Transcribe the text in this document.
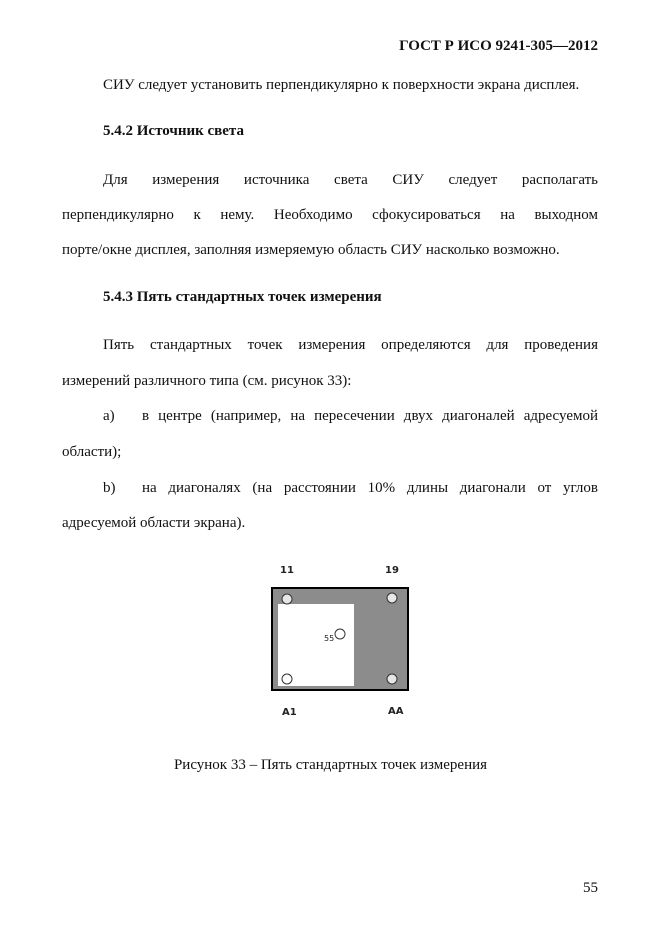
ГОСТ Р ИСО 9241-305—2012

СИУ следует установить перпендикулярно к поверхности экрана дисплея.

5.4.2 Источник света

Для измерения источника света СИУ следует располагать

перпендикулярно к нему. Необходимо сфокусироваться на выходном

порте/окне дисплея, заполняя измеряемую область СИУ насколько возможно.

5.4.3 Пять стандартных точек измерения

Пять стандартных точек измерения определяются для проведения

измерений различного типа (см. рисунок 33):

a) в центре (например, на пересечении двух диагоналей адресуемой

области);

b) на диагоналях (на расстоянии 10% длины диагонали от углов

адресуемой области экрана).

11	19
55
A1	AA

Рисунок 33 – Пять стандартных точек измерения

55
